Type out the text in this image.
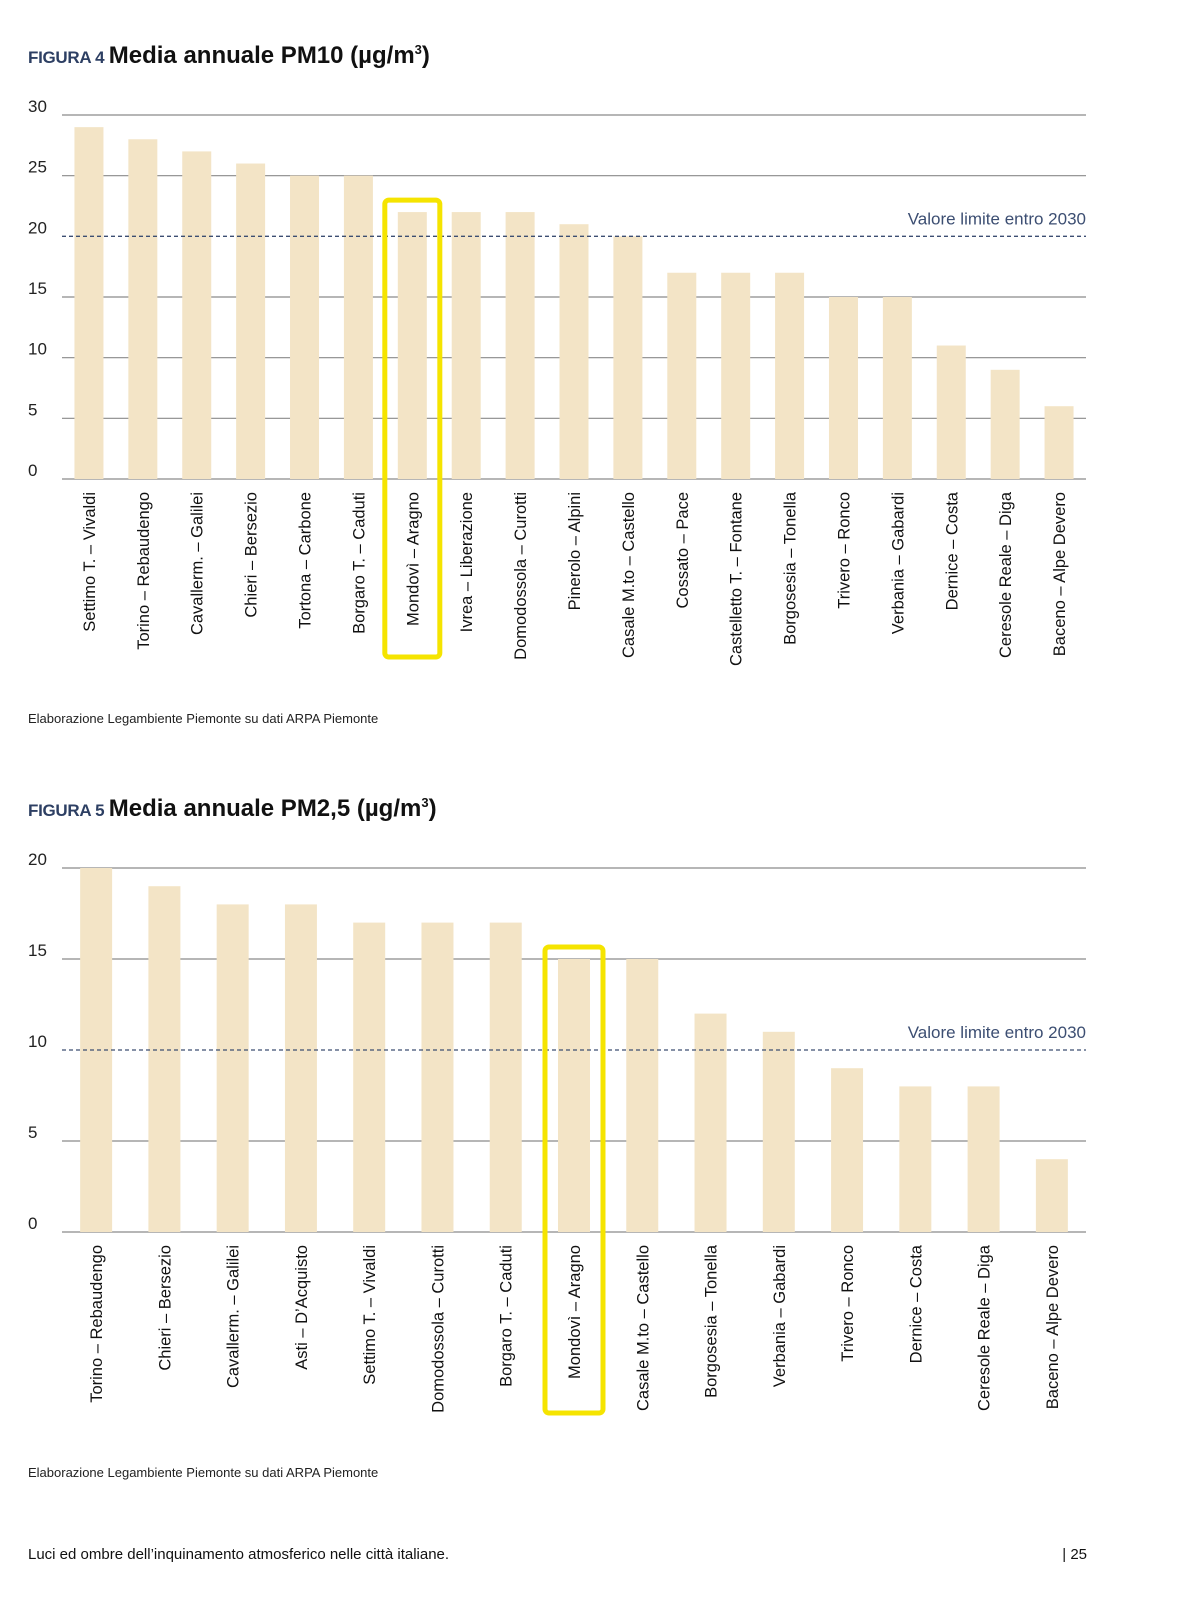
FIGURA 4 Media annuale PM10 $(\mu g/m^3)$
0
5
10
15
20
25
30
Valore limite entro 2030
Settimo T. – Vivaldi Torino – Rebaudengo Cavallerm. – Galilei Chieri – Bersezio Tortona – Carbone Borgaro T. – Caduti Mondovì – Aragno Ivrea – Liberazione Domodossola – Curotti Pinerolo – Alpini Casale M.to – Castello Cossato – Pace Castelletto T. – Fontane Borgosesia – Tonella Trivero – Ronco Verbania – Gabardi Dernice – Costa Ceresole Reale – Diga Baceno – Alpe Devero
Elaborazione Legambiente Piemonte su dati ARPA Piemonte
FIGURA 5 Media annuale PM2,5 $(\mu g/m^3)$
0
5
10
15
20
Valore limite entro 2030
Torino – Rebaudengo	Chieri – Bersezio	Cavallerm. – Galilei	Asti – D’Acquisto	Settimo T. – Vivaldi	Domodossola – Curotti	Borgaro T. – Caduti	Mondovì – Aragno	Casale M.to – Castello	Borgosesia – Tonella	Verbania – Gabardi	Trivero – Ronco	Dernice – Costa	Ceresole Reale – Diga	Baceno – Alpe Devero
Elaborazione Legambiente Piemonte su dati ARPA Piemonte
Luci ed ombre dell’inquinamento atmosferico nelle città italiane.	| 25
